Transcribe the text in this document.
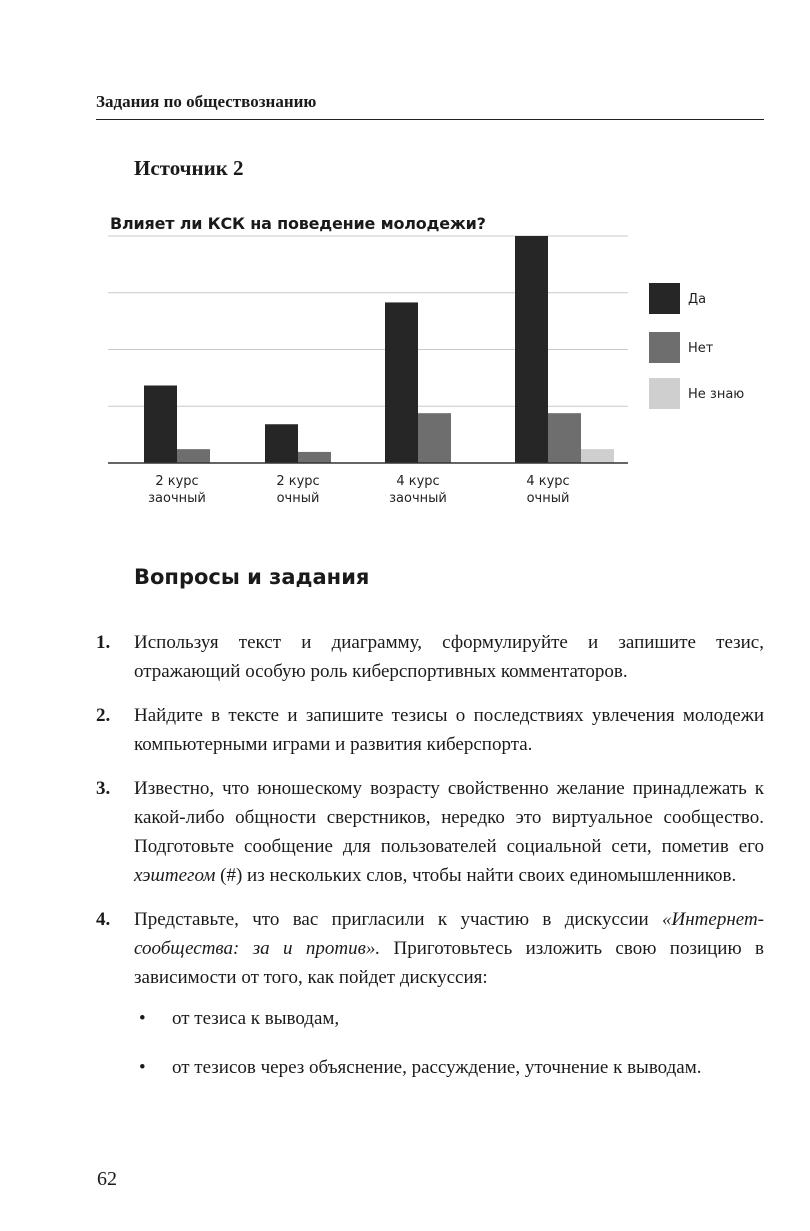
Задания по обществознанию
Источник 2
Влияет ли КСК на поведение молодежи?
2 курс заочный
2 курс очный
4 курс заочный
4 курс очный
Да
Нет
Не знаю
Вопросы и задания
1. Используя текст и диаграмму, сформулируйте и запишите тезис, отражающий особую роль киберспортивных комментаторов.
2. Найдите в тексте и запишите тезисы о последствиях увлечения молодежи компьютерными играми и развития киберспорта.
3. Известно, что юношескому возрасту свойственно желание принадлежать к какой-либо общности сверстников, нередко это виртуальное сообщество. Подготовьте сообщение для пользователей социальной сети, пометив его хэштегом (#) из нескольких слов, чтобы найти своих единомышленников.
4. Представьте, что вас пригласили к участию в дискуссии «Интернет-сообщества: за и против». Приготовьтесь изложить свою позицию в зависимости от того, как пойдет дискуссия:
• от тезиса к выводам,
• от тезисов через объяснение, рассуждение, уточнение к выводам.
62
